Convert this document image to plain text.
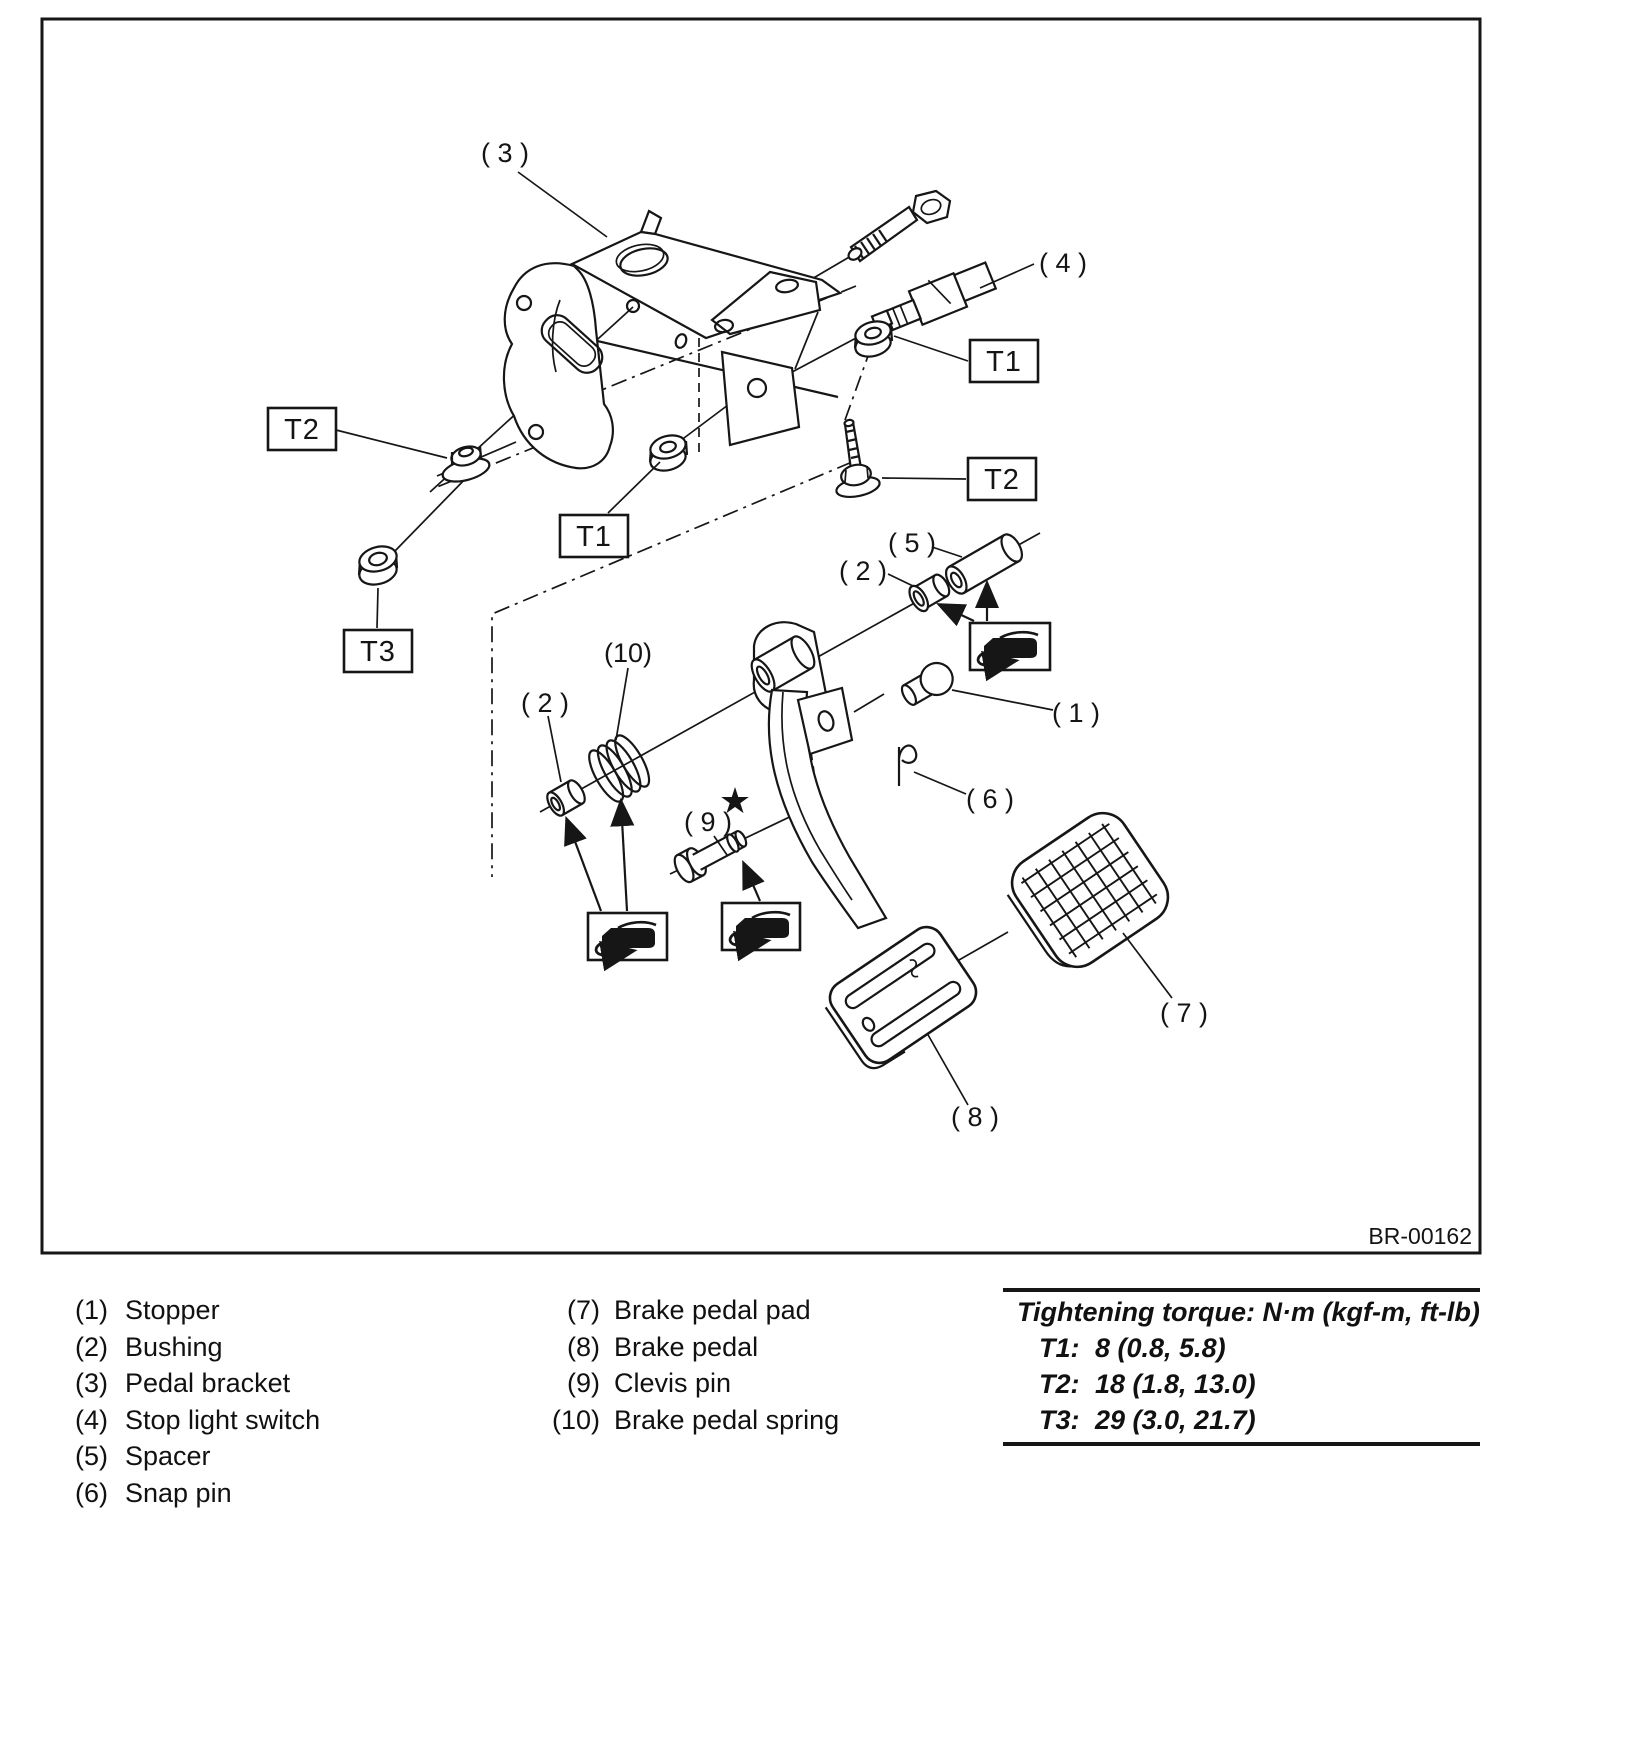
★
( 3 )
( 4 )
( 5 )
( 2 )
( 1 )
( 6 )
(10)
( 2 )
( 9 )
( 7 )
( 8 )
T1
T2
T2
T1
T3
BR-00162
(1) Stopper
(2) Bushing
(3) Pedal bracket
(4) Stop light switch
(5) Spacer
(6) Snap pin
(7) Brake pedal pad
(8) Brake pedal
(9) Clevis pin
(10) Brake pedal spring
Tightening torque: N·m (kgf-m, ft-lb)
T1: 8 (0.8, 5.8)
T2: 18 (1.8, 13.0)
T3: 29 (3.0, 21.7)
